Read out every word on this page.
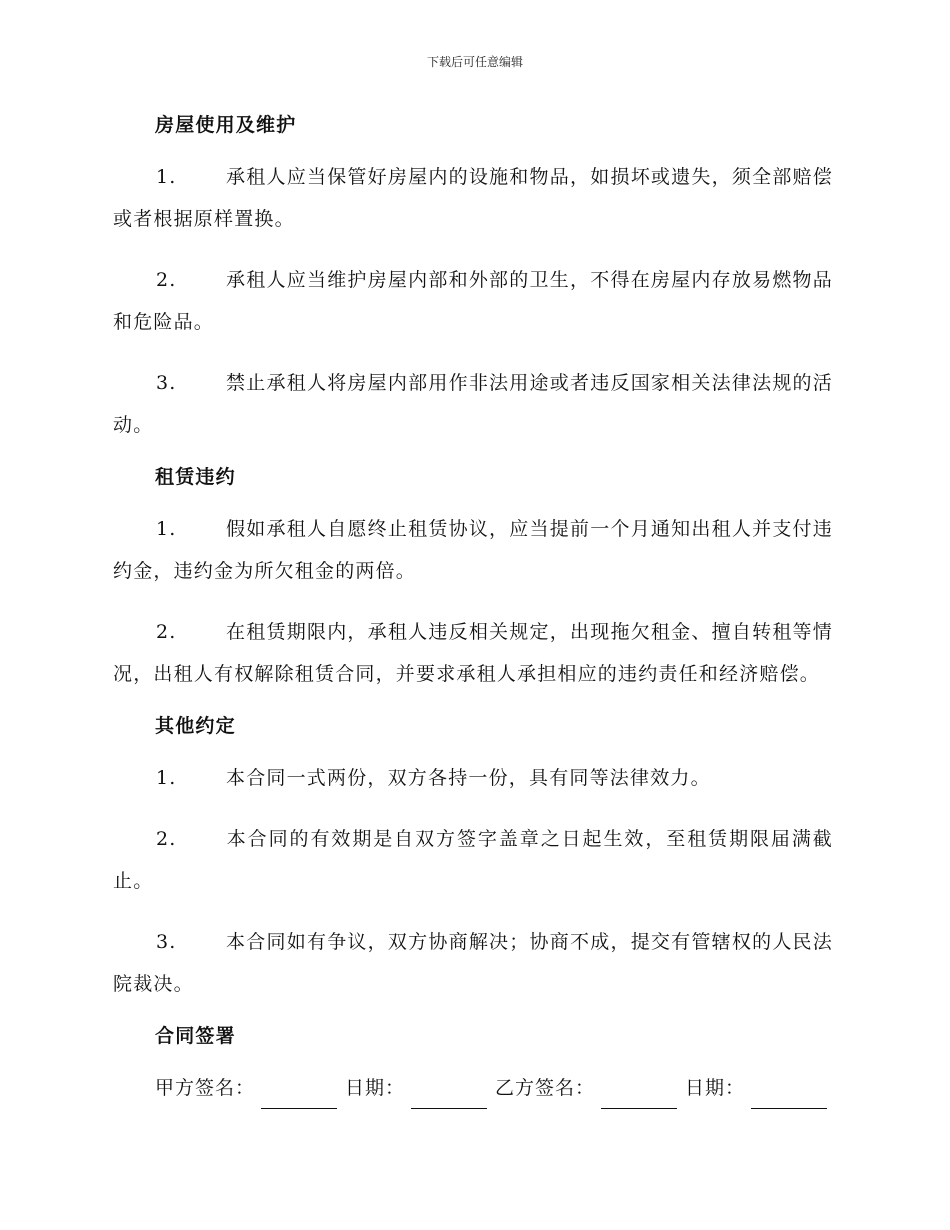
下载后可任意编辑
房屋使用及维护

1.	承租人应当保管好房屋内的设施和物品，如损坏或遗失，须全部赔偿或者根据原样置换。

2.	承租人应当维护房屋内部和外部的卫生，不得在房屋内存放易燃物品和危险品。

3.	禁止承租人将房屋内部用作非法用途或者违反国家相关法律法规的活动。

租赁违约

1.	假如承租人自愿终止租赁协议，应当提前一个月通知出租人并支付违约金，违约金为所欠租金的两倍。

2.	在租赁期限内，承租人违反相关规定，出现拖欠租金、擅自转租等情况，出租人有权解除租赁合同，并要求承租人承担相应的违约责任和经济赔偿。

其他约定

1.	本合同一式两份，双方各持一份，具有同等法律效力。

2.	本合同的有效期是自双方签字盖章之日起生效，至租赁期限届满截止。

3.	本合同如有争议，双方协商解决；协商不成，提交有管辖权的人民法院裁决。

合同签署
甲方签名：	日期：	乙方签名：	日期：
